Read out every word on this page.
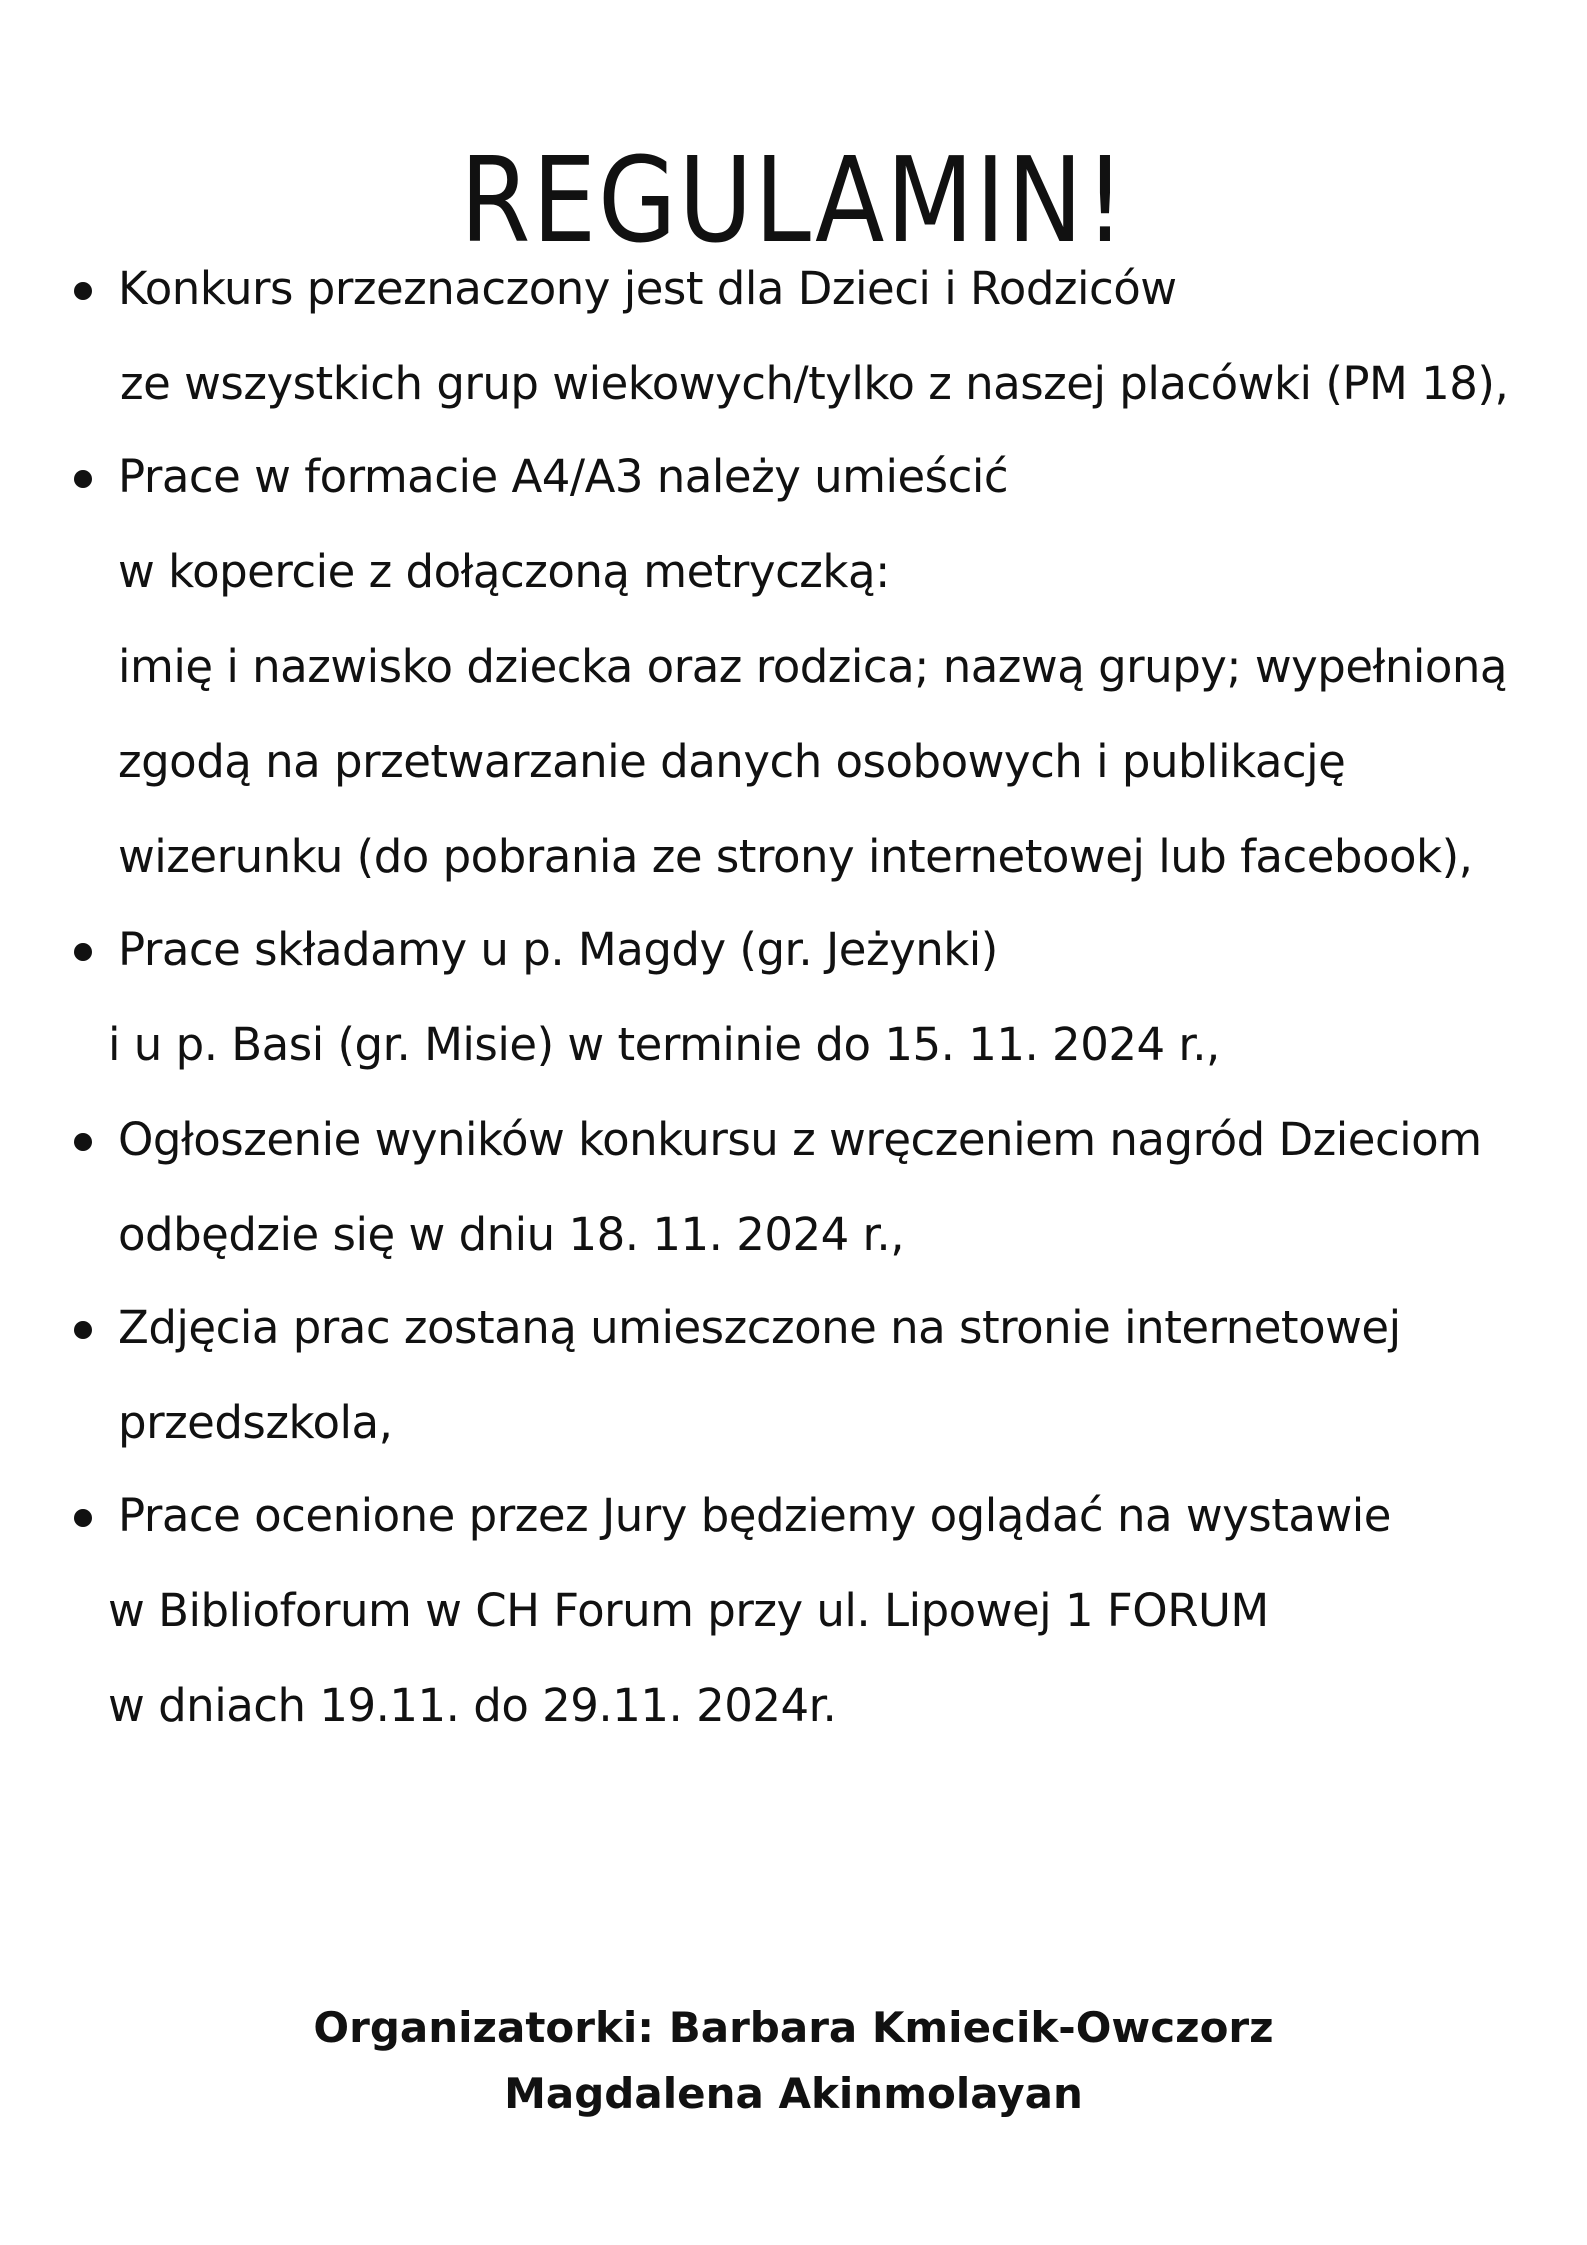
REGULAMIN!
Konkurs przeznaczony jest dla Dzieci i Rodziców
ze wszystkich grup wiekowych/tylko z naszej placówki (PM 18),
Prace w formacie A4/A3 należy umieścić
w kopercie z dołączoną metryczką:
imię i nazwisko dziecka oraz rodzica; nazwą grupy; wypełnioną
zgodą na przetwarzanie danych osobowych i publikację
wizerunku (do pobrania ze strony internetowej lub facebook),
Prace składamy u p. Magdy (gr. Jeżynki)
i u p. Basi (gr. Misie) w terminie do 15. 11. 2024 r.,
Ogłoszenie wyników konkursu z wręczeniem nagród Dzieciom
odbędzie się w dniu 18. 11. 2024 r.,
Zdjęcia prac zostaną umieszczone na stronie internetowej
przedszkola,
Prace ocenione przez Jury będziemy oglądać na wystawie
w Biblioforum w CH Forum przy ul. Lipowej 1 FORUM
w dniach 19.11. do 29.11. 2024r.
Organizatorki: Barbara Kmiecik-Owczorz
Magdalena Akinmolayan
